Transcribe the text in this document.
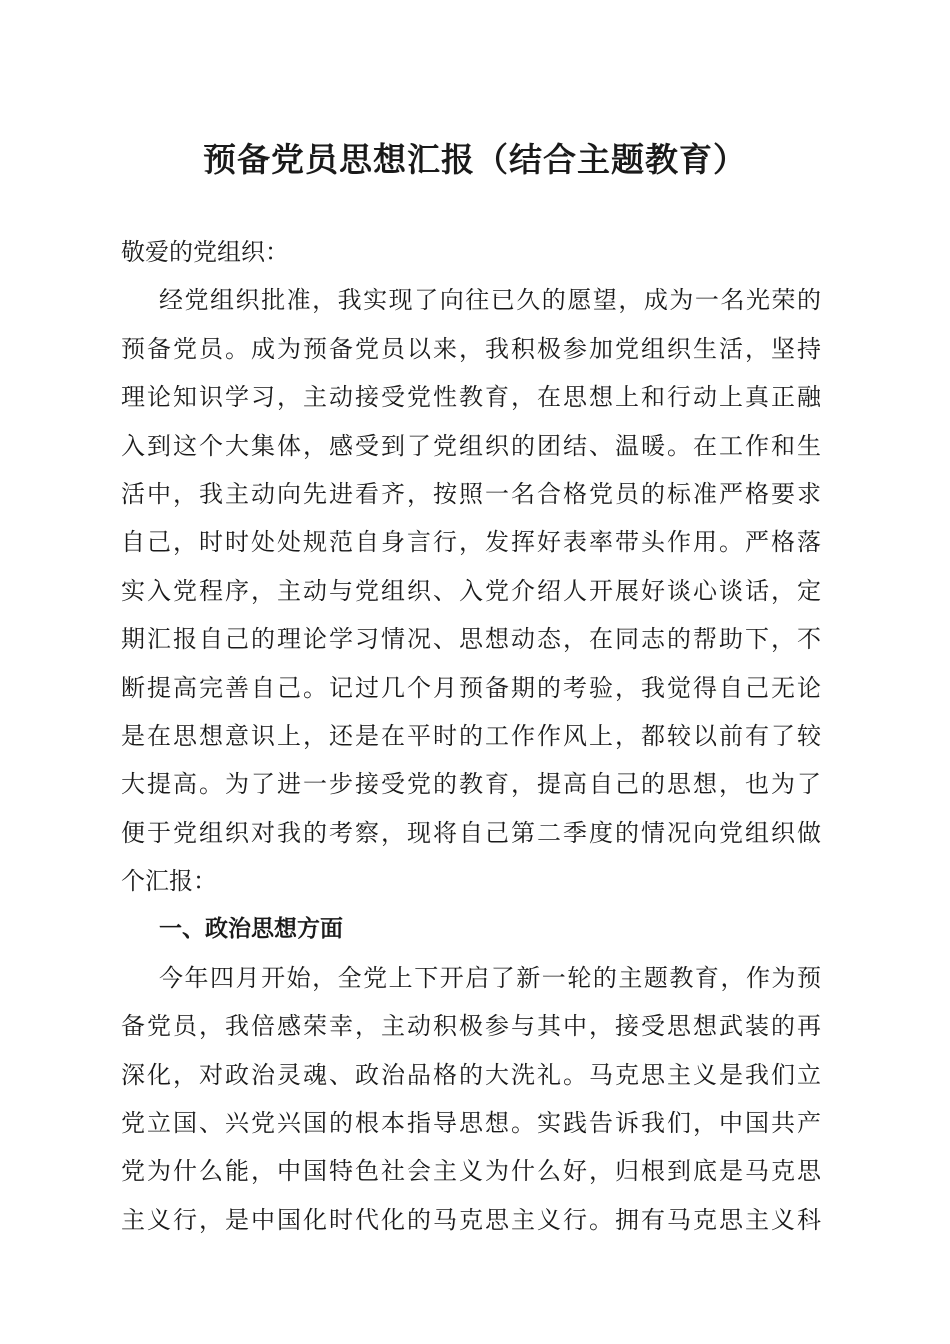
预备党员思想汇报（结合主题教育）
敬爱的党组织：
经党组织批准，我实现了向往已久的愿望，成为一名光荣的
预备党员。成为预备党员以来，我积极参加党组织生活，坚持
理论知识学习，主动接受党性教育，在思想上和行动上真正融
入到这个大集体，感受到了党组织的团结、温暖。在工作和生
活中，我主动向先进看齐，按照一名合格党员的标准严格要求
自己，时时处处规范自身言行，发挥好表率带头作用。严格落
实入党程序，主动与党组织、入党介绍人开展好谈心谈话，定
期汇报自己的理论学习情况、思想动态，在同志的帮助下，不
断提高完善自己。记过几个月预备期的考验，我觉得自己无论
是在思想意识上，还是在平时的工作作风上，都较以前有了较
大提高。为了进一步接受党的教育，提高自己的思想，也为了
便于党组织对我的考察，现将自己第二季度的情况向党组织做
个汇报：
一、政治思想方面
今年四月开始，全党上下开启了新一轮的主题教育，作为预
备党员，我倍感荣幸，主动积极参与其中，接受思想武装的再
深化，对政治灵魂、政治品格的大洗礼。马克思主义是我们立
党立国、兴党兴国的根本指导思想。实践告诉我们，中国共产
党为什么能，中国特色社会主义为什么好，归根到底是马克思
主义行，是中国化时代化的马克思主义行。拥有马克思主义科
